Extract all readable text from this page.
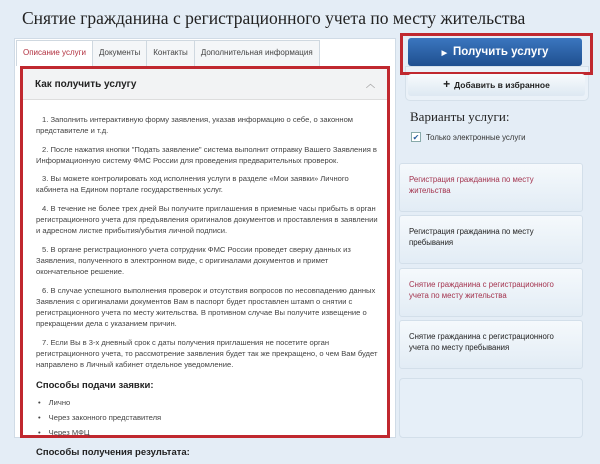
Снятие гражданина с регистрационного учета по месту жительства
Описание услуги	Документы	Контакты	Дополнительная информация
Как получить услугу	︿

1. Заполнить интерактивную форму заявления, указав информацию о себе, о законном представителе и т.д.

2. После нажатия кнопки "Подать заявление" система выполнит отправку Вашего Заявления в Информационную систему ФМС России для проведения предварительных проверок.

3. Вы можете контролировать ход исполнения услуги в разделе «Мои заявки» Личного кабинета на Едином портале государственных услуг.

4. В течение не более трех дней Вы получите приглашения в приемные часы прибыть в орган регистрационного учета для предъявления оригиналов документов и проставления в заявлении и адресном листке прибытия/убытия личной подписи.

5. В органе регистрационного учета сотрудник ФМС России проведет сверку данных из Заявления, полученного в электронном виде, с оригиналами документов и примет окончательное решение.

6. В случае успешного выполнения проверок и отсутствия вопросов по несовпадению данных Заявления с оригиналами документов Вам в паспорт будет проставлен штамп о снятии с регистрационного учета по месту жительства. В противном случае Вы получите извещение о прекращении дела с указанием причин.

7. Если Вы в 3-х дневный срок с даты получения приглашения не посетите орган регистрационного учета, то рассмотрение заявления будет так же прекращено, о чем Вам будет направлено в Личный кабинет отдельное уведомление.

Способы подачи заявки:
• Лично
• Через законного представителя
• Через МФЦ
Способы получения результата:
▶ Получить услугу
+ Добавить в избранное
Варианты услуги:
✔ Только электронные услуги
Регистрация гражданина по месту жительства
Регистрация гражданина по месту пребывания
Снятие гражданина с регистрационного учета по месту жительства
Снятие гражданина с регистрационного учета по месту пребывания
